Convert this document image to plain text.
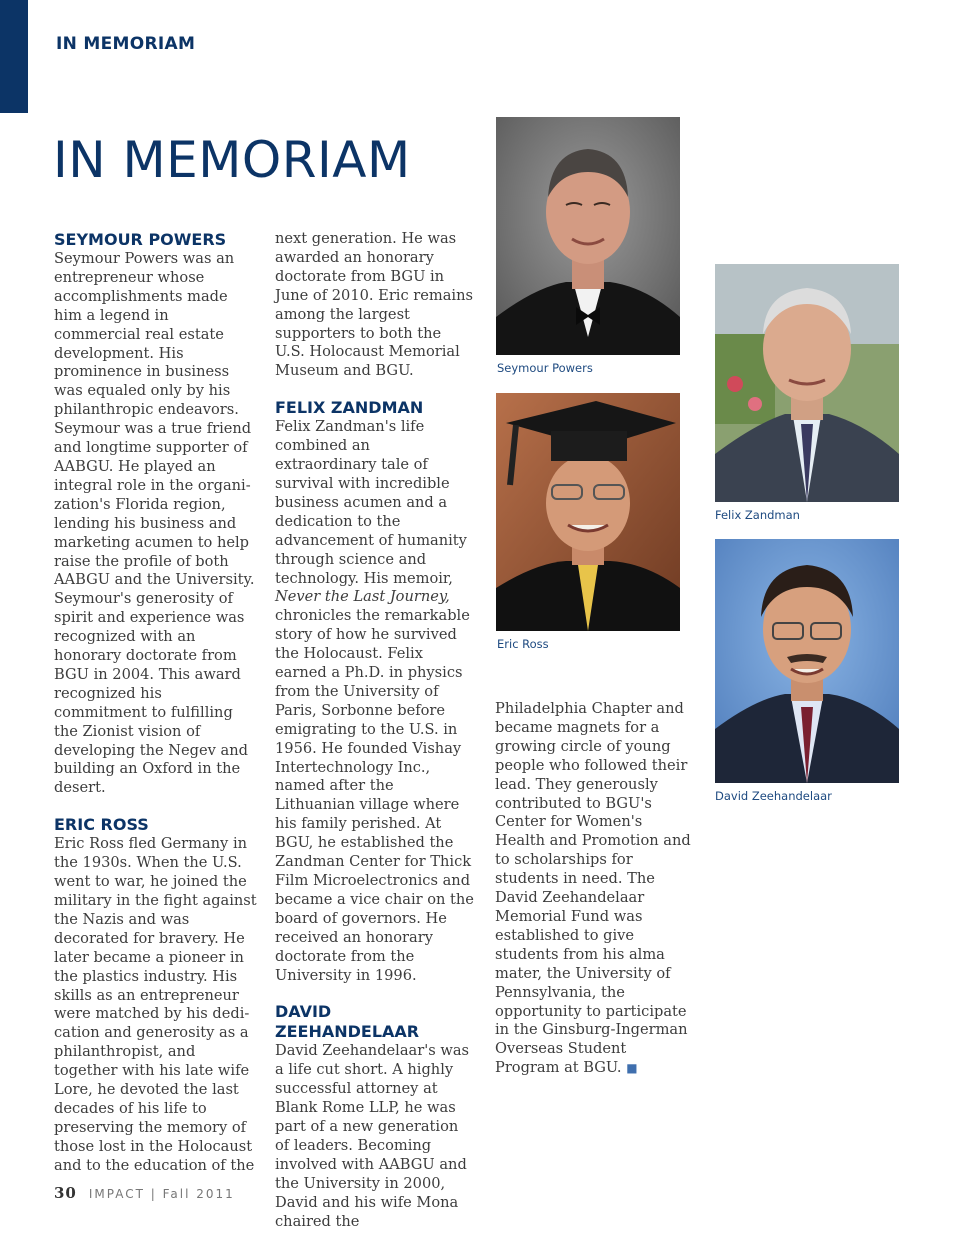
IN MEMORIAM
IN MEMORIAM

SEYMOUR POWERS

Seymour Powers was an entrepreneur whose accomplishments made him a legend in commercial real estate development. His prominence in business was equaled only by his philanthropic endeavors. Seymour was a true friend and longtime supporter of AABGU. He played an integral role in the organi-zation's Florida region, lending his business and marketing acumen to help raise the profile of both AABGU and the University. Seymour's generosity of spirit and experience was recognized with an honorary doctorate from BGU in 2004. This award recognized his commitment to fulfilling the Zionist vision of developing the Negev and building an Oxford in the desert.

ERIC ROSS

Eric Ross fled Germany in the 1930s. When the U.S. went to war, he joined the military in the fight against the Nazis and was decorated for bravery. He later became a pioneer in the plastics industry. His skills as an entrepreneur were matched by his dedi-cation and generosity as a philanthropist, and together with his late wife Lore, he devoted the last decades of his life to preserving the memory of those lost in the Holocaust and to the education of the

next generation. He was awarded an honorary doctorate from BGU in June of 2010. Eric remains among the largest supporters to both the U.S. Holocaust Memorial Museum and BGU.

FELIX ZANDMAN

Felix Zandman's life combined an extraordinary tale of survival with incredible business acumen and a dedication to the advancement of humanity through science and technology. His memoir, Never the Last Journey, chronicles the remarkable story of how he survived the Holocaust. Felix earned a Ph.D. in physics from the University of Paris, Sorbonne before emigrating to the U.S. in 1956. He founded Vishay Intertechnology Inc., named after the Lithuanian village where his family perished. At BGU, he established the Zandman Center for Thick Film Microelectronics and became a vice chair on the board of governors. He received an honorary doctorate from the University in 1996.

DAVID ZEEHANDELAAR

David Zeehandelaar's was a life cut short. A highly successful attorney at Blank Rome LLP, he was part of a new generation of leaders. Becoming involved with AABGU and the University in 2000, David and his wife Mona chaired the

Philadelphia Chapter and became magnets for a growing circle of young people who followed their lead. They generously contributed to BGU's Center for Women's Health and Promotion and to scholarships for students in need. The David Zeehandelaar Memorial Fund was established to give students from his alma mater, the University of Pennsylvania, the opportunity to participate in the Ginsburg-Ingerman Overseas Student Program at BGU. ■

Seymour Powers
Eric Ross
Felix Zandman
David Zeehandelaar
30 IMPACT | Fall 2011
